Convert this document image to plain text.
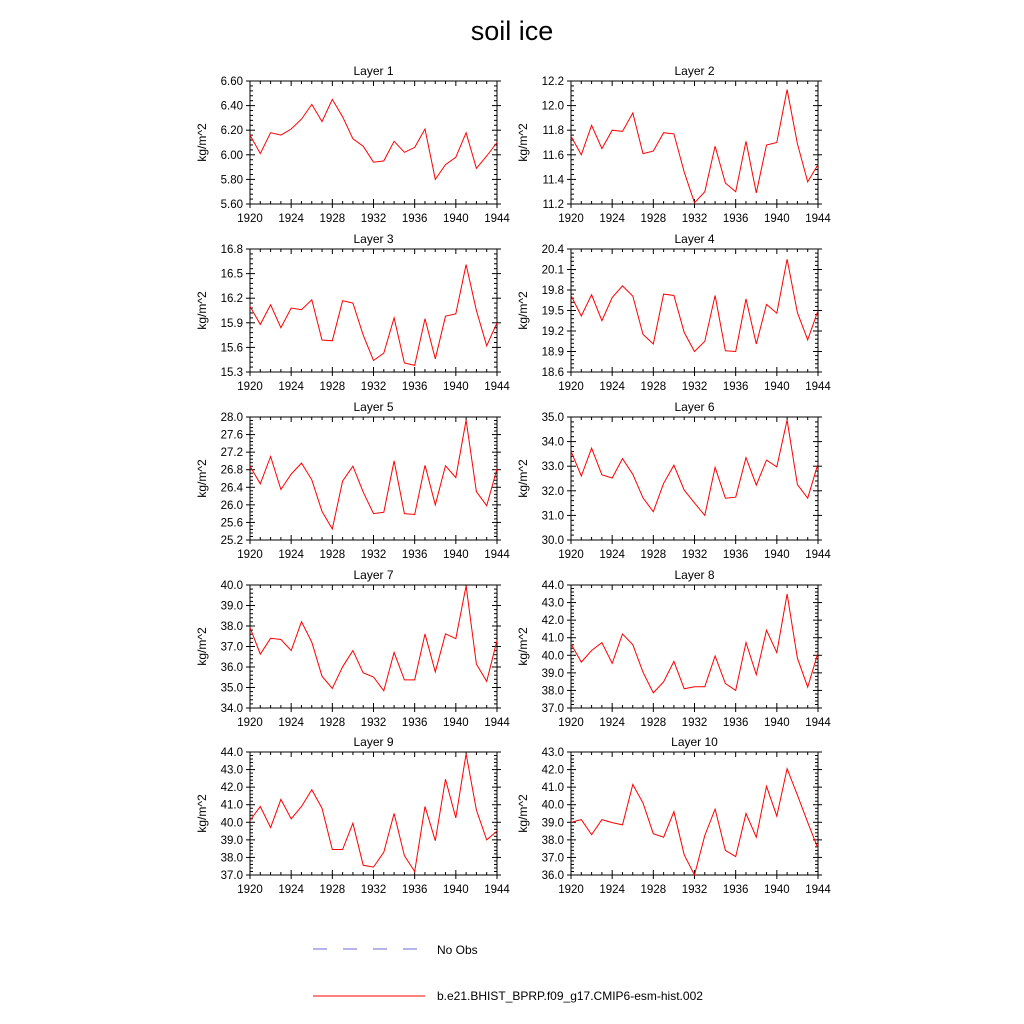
soil ice
Layer 1
kg/m^2
5.60
5.80
6.00
6.20
6.40
6.60
1920 1924 1928 1932 1936 1940 1944
Layer 2
kg/m^2
11.2
11.4
11.6
11.8
12.0
12.2
1920 1924 1928 1932 1936 1940 1944
Layer 3
kg/m^2
15.3
15.6
15.9
16.2
16.5
16.8
1920 1924 1928 1932 1936 1940 1944
Layer 4
kg/m^2
18.6
18.9
19.2
19.5
19.8
20.1
20.4
1920 1924 1928 1932 1936 1940 1944
Layer 5
kg/m^2
25.2
25.6
26.0
26.4
26.8
27.2
27.6
28.0
1920 1924 1928 1932 1936 1940 1944
Layer 6
kg/m^2
30.0
31.0
32.0
33.0
34.0
35.0
1920 1924 1928 1932 1936 1940 1944
Layer 7
kg/m^2
34.0
35.0
36.0
37.0
38.0
39.0
40.0
1920 1924 1928 1932 1936 1940 1944
Layer 8
kg/m^2
37.0
38.0
39.0
40.0
41.0
42.0
43.0
44.0
1920 1924 1928 1932 1936 1940 1944
Layer 9
kg/m^2
37.0
38.0
39.0
40.0
41.0
42.0
43.0
44.0
1920 1924 1928 1932 1936 1940 1944
Layer 10
kg/m^2
36.0
37.0
38.0
39.0
40.0
41.0
42.0
43.0
1920 1924 1928 1932 1936 1940 1944
No Obs
b.e21.BHIST_BPRP.f09_g17.CMIP6-esm-hist.002
